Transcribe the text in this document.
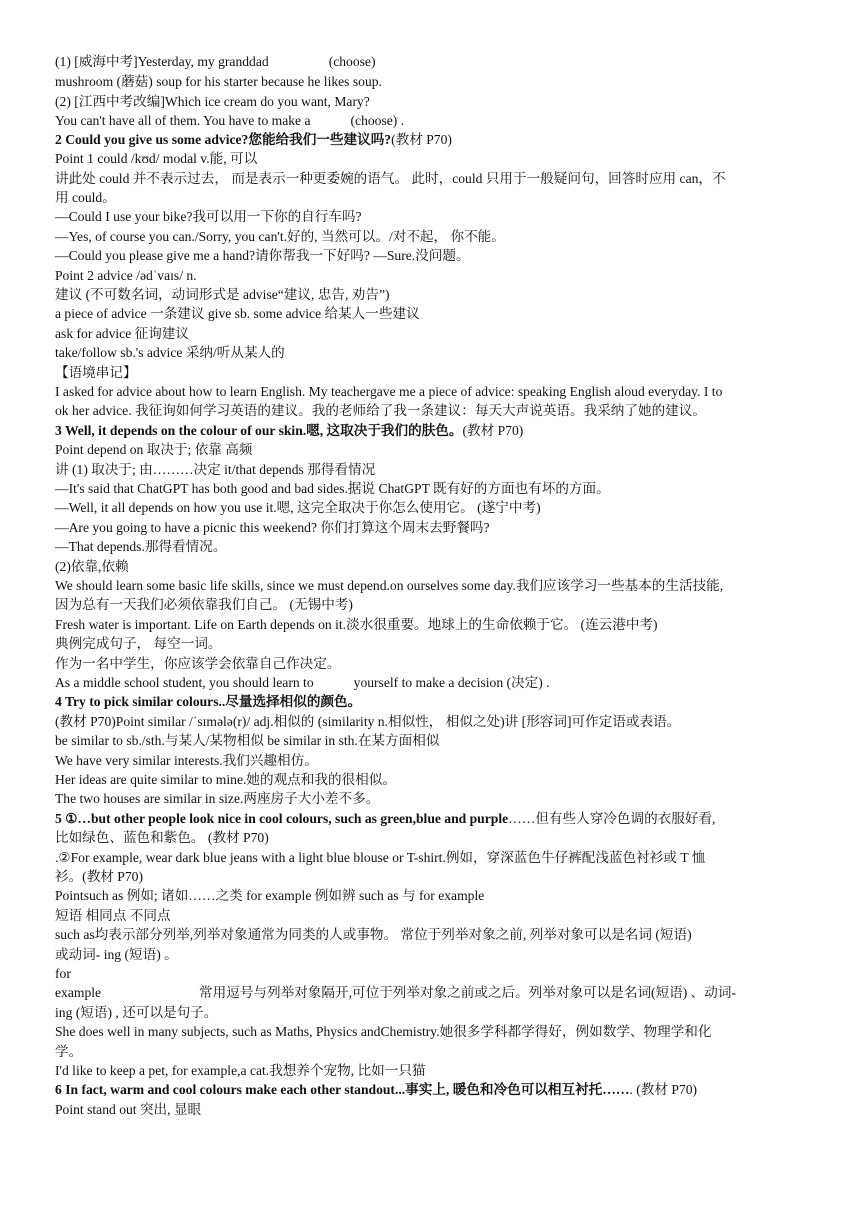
(1) [威海中考]Yesterday, my granddad	(choose)
mushroom (蘑菇) soup for his starter because he likes soup.
(2) [江西中考改编]Which ice cream do you want, Mary?
You can't have all of them. You have to make a	(choose) .
2 Could you give us some advice?您能给我们一些建议吗?(教材 P70)
Point 1 could /kʊd/ modal v.能, 可以
讲此处 could 并不表示过去， 而是表示一种更委婉的语气。 此时，could 只用于一般疑问句，回答时应用 can，不
用 could。
—Could I use your bike?我可以用一下你的自行车吗?
—Yes, of course you can./Sorry, you can't.好的, 当然可以。/对不起， 你不能。
—Could you please give me a hand?请你帮我一下好吗? —Sure.没问题。
Point 2 advice /ədˈvaɪs/ n.
建议 (不可数名词，动词形式是 advise“建议, 忠告, 劝告”)
a piece of advice 一条建议 give sb. some advice 给某人一些建议
ask for advice 征询建议
take/follow sb.'s advice 采纳/听从某人的
【语境串记】
I asked for advice about how to learn English. My teachergave me a piece of advice: speaking English aloud everyday. I to
ok her advice. 我征询如何学习英语的建议。我的老师给了我一条建议：每天大声说英语。我采纳了她的建议。
3 Well, it depends on the colour of our skin.嗯, 这取决于我们的肤色。(教材 P70)
Point depend on 取决于; 依靠 高频
讲 (1) 取决于; 由………决定 it/that depends 那得看情况
—It's said that ChatGPT has both good and bad sides.据说 ChatGPT 既有好的方面也有坏的方面。
—Well, it all depends on how you use it.嗯, 这完全取决于你怎么使用它。 (遂宁中考)
—Are you going to have a picnic this weekend? 你们打算这个周末去野餐吗?
—That depends.那得看情况。
(2)依靠,依赖
We should learn some basic life skills, since we must depend.on ourselves some day.我们应该学习一些基本的生活技能,
因为总有一天我们必须依靠我们自己。 (无锡中考)
Fresh water is important. Life on Earth depends on it.淡水很重要。地球上的生命依赖于它。 (连云港中考)
典例完成句子， 每空一词。
作为一名中学生，你应该学会依靠自己作决定。
As a middle school student, you should learn to	yourself to make a decision (决定) .
4 Try to pick similar colours..尽量选择相似的颜色。
(教材 P70)Point similar /ˈsɪmələ(r)/ adj.相似的 (similarity n.相似性， 相似之处)讲 [形容词]可作定语或表语。
be similar to sb./sth.与某人/某物相似 be similar in sth.在某方面相似
We have very similar interests.我们兴趣相仿。
Her ideas are quite similar to mine.她的观点和我的很相似。
The two houses are similar in size.两座房子大小差不多。
5 ①…but other people look nice in cool colours, such as green,blue and purple……但有些人穿冷色调的衣服好看,
比如绿色、蓝色和紫色。 (教材 P70)
.②For example, wear dark blue jeans with a light blue blouse or T-shirt.例如，穿深蓝色牛仔裤配浅蓝色衬衫或 T 恤
衫。(教材 P70)
Pointsuch as 例如; 诸如……之类 for example 例如辨 such as 与 for example
短语 相同点 不同点
such as均表示部分列举,列举对象通常为同类的人或事物。 常位于列举对象之前, 列举对象可以是名词 (短语)
或动词- ing (短语) 。
for
example	常用逗号与列举对象隔开,可位于列举对象之前或之后。列举对象可以是名词(短语) 、动词-
ing (短语) , 还可以是句子。
She does well in many subjects, such as Maths, Physics andChemistry.她很多学科都学得好，例如数学、物理学和化
学。
I'd like to keep a pet, for example,a cat.我想养个宠物, 比如一只猫
6 In fact, warm and cool colours make each other standout...事实上, 暖色和冷色可以相互衬托……. (教材 P70)
Point stand out 突出, 显眼
